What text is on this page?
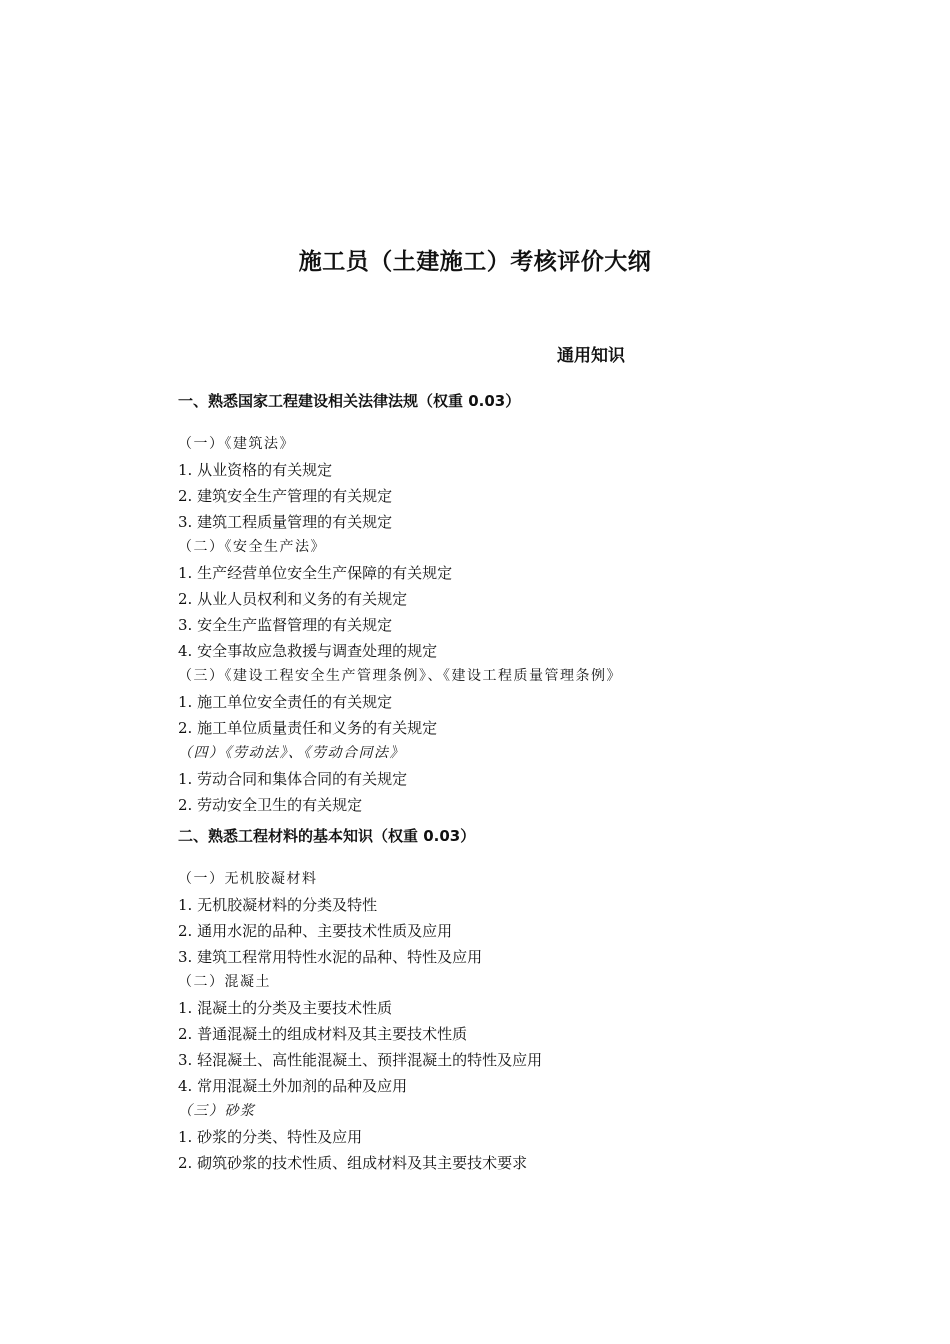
施工员（土建施工）考核评价大纲
通用知识
一、熟悉国家工程建设相关法律法规（权重 0.03）
（一）《建筑法》
1. 从业资格的有关规定
2. 建筑安全生产管理的有关规定
3. 建筑工程质量管理的有关规定
（二）《安全生产法》
1. 生产经营单位安全生产保障的有关规定
2. 从业人员权利和义务的有关规定
3. 安全生产监督管理的有关规定
4. 安全事故应急救援与调查处理的规定
（三）《建设工程安全生产管理条例》、《建设工程质量管理条例》
1. 施工单位安全责任的有关规定
2. 施工单位质量责任和义务的有关规定
（四）《劳动法》、《劳动合同法》
1. 劳动合同和集体合同的有关规定
2. 劳动安全卫生的有关规定
二、熟悉工程材料的基本知识（权重 0.03）
（一）无机胶凝材料
1. 无机胶凝材料的分类及特性
2. 通用水泥的品种、主要技术性质及应用
3. 建筑工程常用特性水泥的品种、特性及应用
（二）混凝土
1. 混凝土的分类及主要技术性质
2. 普通混凝土的组成材料及其主要技术性质
3. 轻混凝土、高性能混凝土、预拌混凝土的特性及应用
4. 常用混凝土外加剂的品种及应用
（三）砂浆
1. 砂浆的分类、特性及应用
2. 砌筑砂浆的技术性质、组成材料及其主要技术要求
